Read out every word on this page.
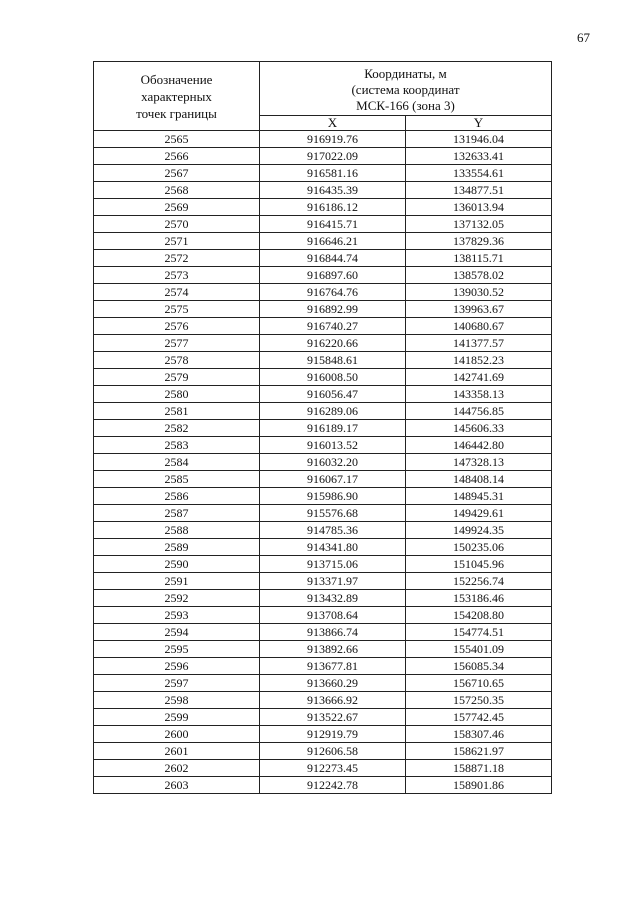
67
Обозначение
характерных
точек границы	Координаты, м
(система координат
МСК-166 (зона 3)	

	X	Y
2565	916919.76	131946.04
2566	917022.09	132633.41
2567	916581.16	133554.61
2568	916435.39	134877.51
2569	916186.12	136013.94
2570	916415.71	137132.05
2571	916646.21	137829.36
2572	916844.74	138115.71
2573	916897.60	138578.02
2574	916764.76	139030.52
2575	916892.99	139963.67
2576	916740.27	140680.67
2577	916220.66	141377.57
2578	915848.61	141852.23
2579	916008.50	142741.69
2580	916056.47	143358.13
2581	916289.06	144756.85
2582	916189.17	145606.33
2583	916013.52	146442.80
2584	916032.20	147328.13
2585	916067.17	148408.14
2586	915986.90	148945.31
2587	915576.68	149429.61
2588	914785.36	149924.35
2589	914341.80	150235.06
2590	913715.06	151045.96
2591	913371.97	152256.74
2592	913432.89	153186.46
2593	913708.64	154208.80
2594	913866.74	154774.51
2595	913892.66	155401.09
2596	913677.81	156085.34
2597	913660.29	156710.65
2598	913666.92	157250.35
2599	913522.67	157742.45
2600	912919.79	158307.46
2601	912606.58	158621.97
2602	912273.45	158871.18
2603	912242.78	158901.86
